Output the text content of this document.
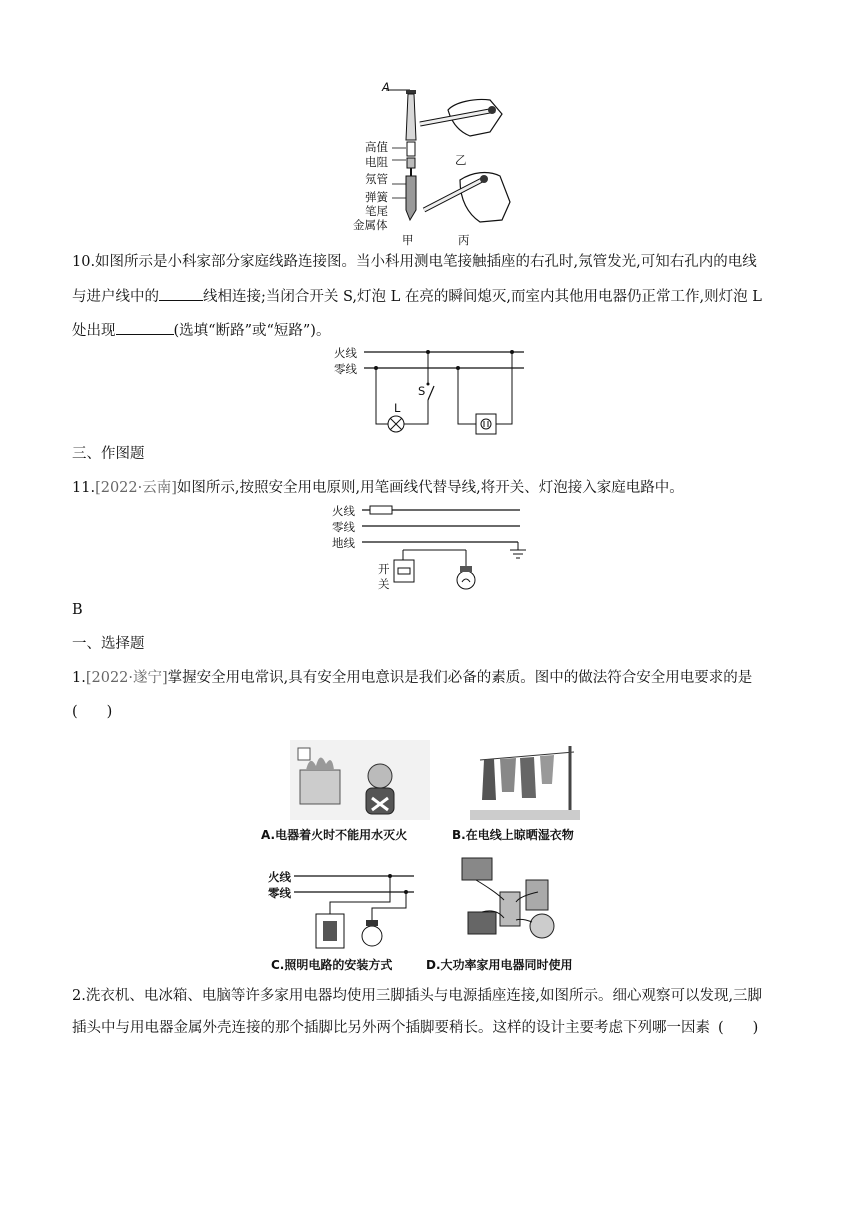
A
高值
电阻
氖管
弹簧
笔尾
金属体
甲
乙
丙
10.如图所示是小科家部分家庭线路连接图。当小科用测电笔接触插座的右孔时,氖管发光,可知右孔内的电线
与进户线中的	线相连接;当闭合开关 S,灯泡 L 在亮的瞬间熄灭,而室内其他用电器仍正常工作,则灯泡 L
处出现	(选填“断路”或“短路”)。
火线
零线
L
S
三、作图题
11.[2022·云南]如图所示,按照安全用电原则,用笔画线代替导线,将开关、灯泡接入家庭电路中。
火线
零线
地线
开
关
B
一、选择题
1.[2022·遂宁]掌握安全用电常识,具有安全用电意识是我们必备的素质。图中的做法符合安全用电要求的是
(　　)
A.电器着火时不能用水灭火	B.在电线上晾晒湿衣物
火线
零线
C.照明电路的安装方式	D.大功率家用电器同时使用
2.洗衣机、电冰箱、电脑等许多家用电器均使用三脚插头与电源插座连接,如图所示。细心观察可以发现,三脚
插头中与用电器金属外壳连接的那个插脚比另外两个插脚要稍长。这样的设计主要考虑下列哪一因素 (　　)
